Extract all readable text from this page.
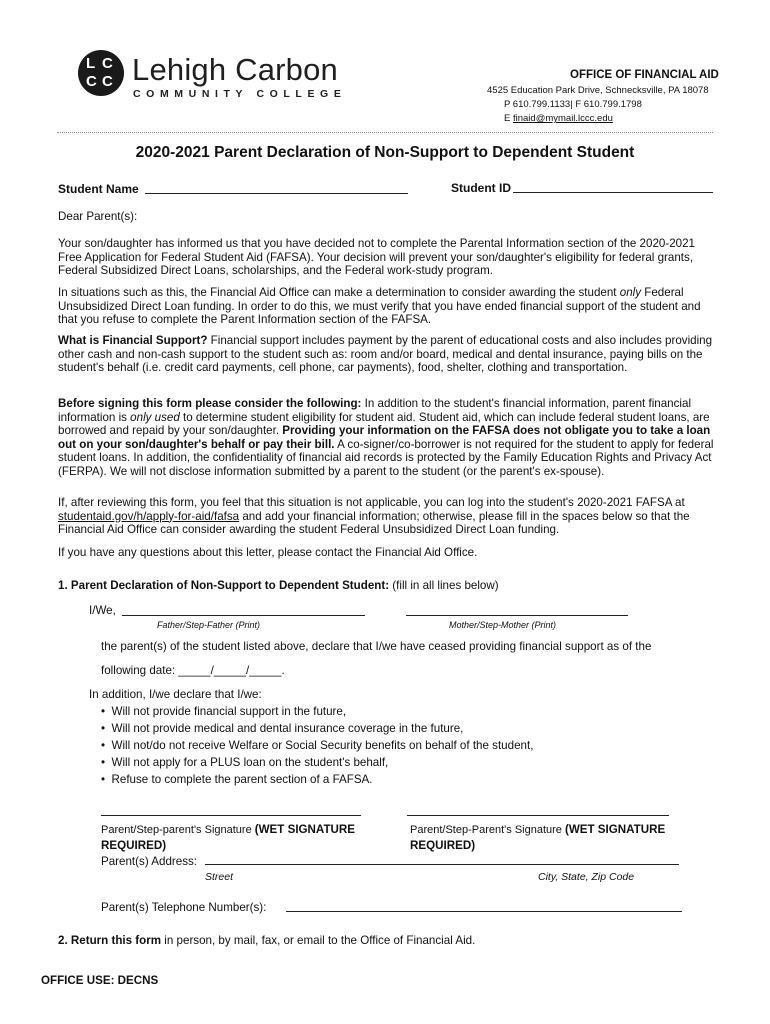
L C
C C Lehigh Carbon
COMMUNITY COLLEGE
OFFICE OF FINANCIAL AID
4525 Education Park Drive, Schnecksville, PA 18078
P 610.799.1133| F 610.799.1798
E finaid@mymail.lccc.edu
2020-2021 Parent Declaration of Non-Support to Dependent Student
Student Name	Student ID
Dear Parent(s):
Your son/daughter has informed us that you have decided not to complete the Parental Information section of the 2020-2021 Free Application for Federal Student Aid (FAFSA). Your decision will prevent your son/daughter's eligibility for federal grants, Federal Subsidized Direct Loans, scholarships, and the Federal work-study program.
In situations such as this, the Financial Aid Office can make a determination to consider awarding the student only Federal Unsubsidized Direct Loan funding. In order to do this, we must verify that you have ended financial support of the student and that you refuse to complete the Parent Information section of the FAFSA.
What is Financial Support? Financial support includes payment by the parent of educational costs and also includes providing other cash and non-cash support to the student such as: room and/or board, medical and dental insurance, paying bills on the student's behalf (i.e. credit card payments, cell phone, car payments), food, shelter, clothing and transportation.
Before signing this form please consider the following: In addition to the student's financial information, parent financial information is only used to determine student eligibility for student aid. Student aid, which can include federal student loans, are borrowed and repaid by your son/daughter. Providing your information on the FAFSA does not obligate you to take a loan out on your son/daughter's behalf or pay their bill. A co-signer/co-borrower is not required for the student to apply for federal student loans. In addition, the confidentiality of financial aid records is protected by the Family Education Rights and Privacy Act (FERPA). We will not disclose information submitted by a parent to the student (or the parent's ex-spouse).
If, after reviewing this form, you feel that this situation is not applicable, you can log into the student's 2020-2021 FAFSA at studentaid.gov/h/apply-for-aid/fafsa and add your financial information; otherwise, please fill in the spaces below so that the Financial Aid Office can consider awarding the student Federal Unsubsidized Direct Loan funding.
If you have any questions about this letter, please contact the Financial Aid Office.
1. Parent Declaration of Non-Support to Dependent Student: (fill in all lines below)
I/We,
Father/Step-Father (Print)	Mother/Step-Mother (Print)
the parent(s) of the student listed above, declare that I/we have ceased providing financial support as of the
following date: _____/_____/_____.
In addition, I/we declare that I/we:
•  Will not provide financial support in the future,
•  Will not provide medical and dental insurance coverage in the future,
•  Will not/do not receive Welfare or Social Security benefits on behalf of the student,
•  Will not apply for a PLUS loan on the student's behalf,
•  Refuse to complete the parent section of a FAFSA.
Parent/Step-parent's Signature (WET SIGNATURE REQUIRED)
Parent/Step-Parent's Signature (WET SIGNATURE REQUIRED)
Parent(s) Address:
Street	City, State, Zip Code
Parent(s) Telephone Number(s):
2. Return this form in person, by mail, fax, or email to the Office of Financial Aid.
OFFICE USE: DECNS
